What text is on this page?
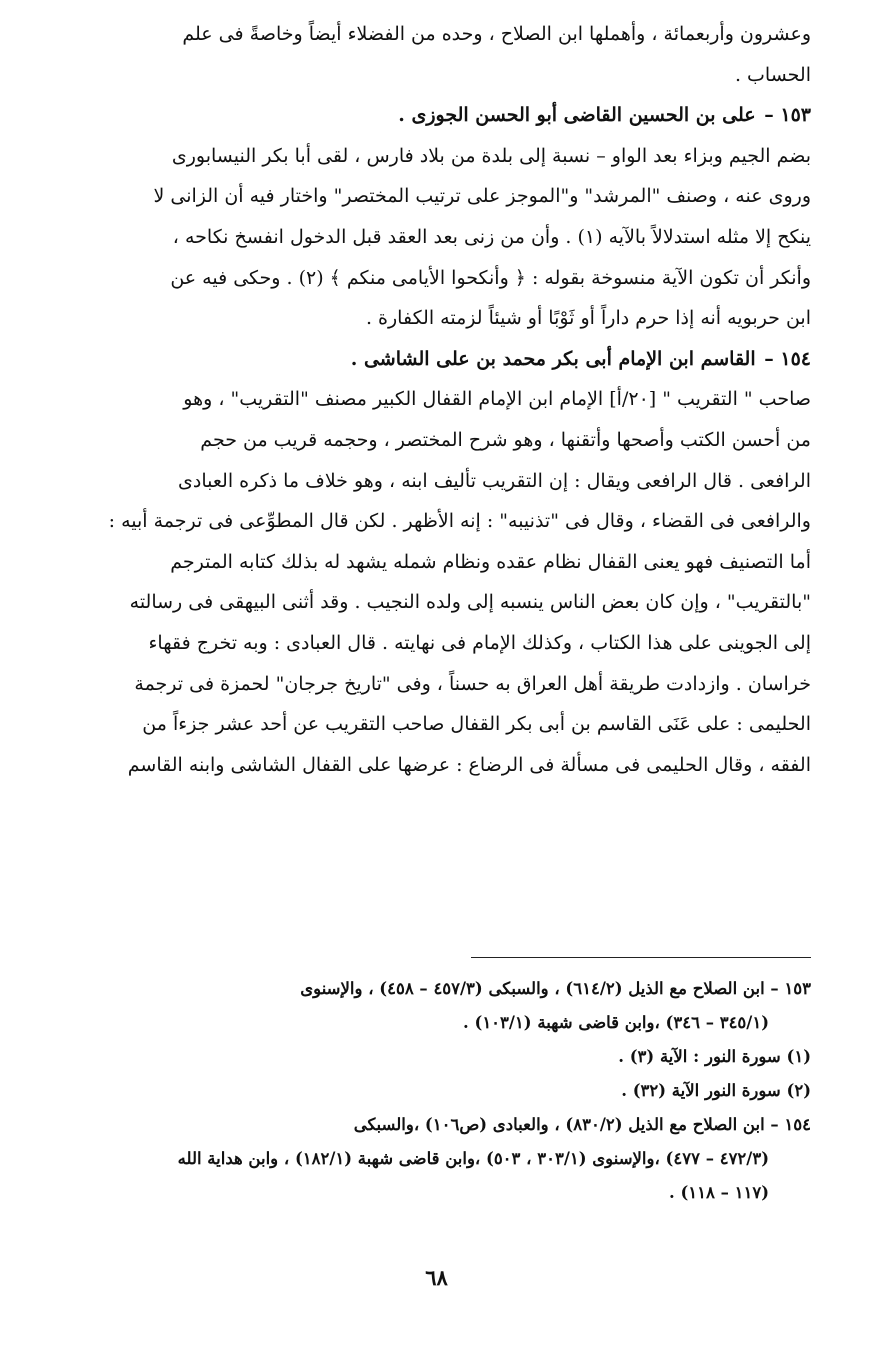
وعشرون وأربعمائة ، وأهملها ابن الصلاح ، وحده من الفضلاء أيضاً وخاصةً فى علم

الحساب .

١٥٣ – على بن الحسين القاضى أبو الحسن الجوزى .

بضم الجيم وبزاء بعد الواو – نسبة إلى بلدة من بلاد فارس ، لقى أبا بكر النيسابورى

وروى عنه ، وصنف "المرشد" و"الموجز على ترتيب المختصر" واختار فيه أن الزانى لا

ينكح إلا مثله استدلالاً بالآيه (١) . وأن من زنى بعد العقد قبل الدخول انفسخ نكاحه ،

وأنكر أن تكون الآية منسوخة بقوله : ﴿ وأنكحوا الأيامى منكم ﴾ (٢) . وحكى فيه عن

ابن حربويه أنه إذا حرم داراً أو ثَوْبًا أو شيئاً لزمته الكفارة .

١٥٤ – القاسم ابن الإمام أبى بكر محمد بن على الشاشى .

صاحب " التقريب " [٢٠/أ] الإمام ابن الإمام القفال الكبير مصنف "التقريب" ، وهو

من أحسن الكتب وأصحها وأتقنها ، وهو شرح المختصر ، وحجمه قريب من حجم

الرافعى . قال الرافعى ويقال : إن التقريب تأليف ابنه ، وهو خلاف ما ذكره العبادى

والرافعى فى القضاء ، وقال فى "تذنيبه" : إنه الأظهر . لكن قال المطوِّعى فى ترجمة أبيه :

أما التصنيف فهو يعنى القفال نظام عقده ونظام شمله يشهد له بذلك كتابه المترجم

"بالتقريب" ، وإن كان بعض الناس ينسبه إلى ولده النجيب . وقد أثنى البيهقى فى رسالته

إلى الجوينى على هذا الكتاب ، وكذلك الإمام فى نهايته . قال العبادى : وبه تخرج فقهاء

خراسان . وازدادت طريقة أهل العراق به حسناً ، وفى "تاريخ جرجان" لحمزة فى ترجمة

الحليمى : على عَنَى القاسم بن أبى بكر القفال صاحب التقريب عن أحد عشر جزءاً من

الفقه ، وقال الحليمى فى مسألة فى الرضاع : عرضها على القفال الشاشى وابنه القاسم

١٥٣ – ابن الصلاح مع الذيل (٦١٤/٢) ، والسبكى (٤٥٧/٣ – ٤٥٨) ، والإسنوى

(٣٤٥/١ – ٣٤٦) ،وابن قاضى شهبة (١٠٣/١) .

(١) سورة النور : الآية (٣) .

(٢) سورة النور الآية (٣٢) .

١٥٤ – ابن الصلاح مع الذيل (٨٣٠/٢) ، والعبادى (ص١٠٦) ،والسبكى

(٤٧٢/٣ – ٤٧٧) ،والإسنوى (٣٠٣/١ ، ٥٠٣) ،وابن قاضى شهبة (١٨٢/١) ، وابن هداية الله

(١١٧ – ١١٨) .

٦٨
